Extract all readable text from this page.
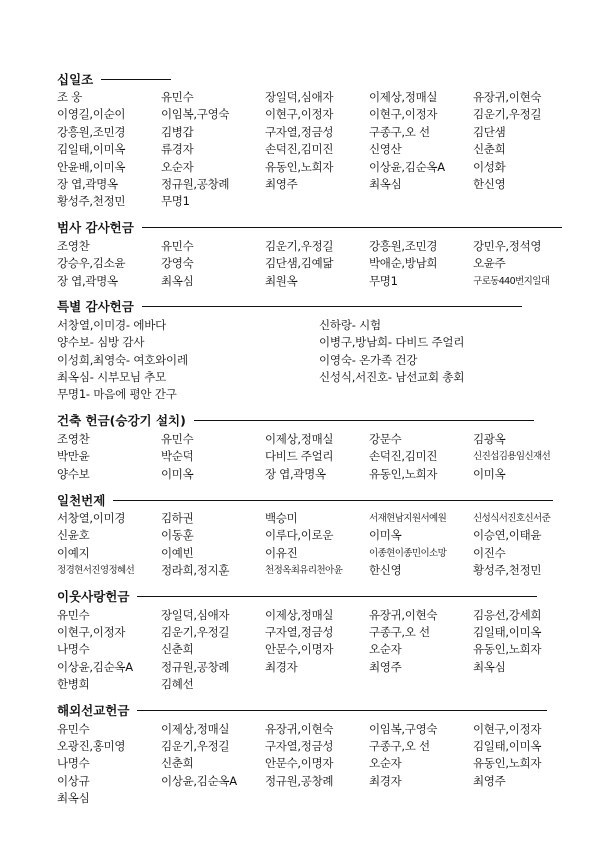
십일조
조 웅	유민수	장일덕,심애자	이제상,정매실	유장귀,이현숙
이영길,이순이	이임복,구영숙	이현구,이정자	이현구,이정자	김운기,우정길
강흥원,조민경	김병갑	구자열,정금성	구종구,오 선	김단샘
김일태,이미옥	류경자	손덕진,김미진	신영산	신춘희
안윤배,이미옥	오순자	유동인,노희자	이상윤,김순옥A	이성화
장 엽,곽명옥	정규원,공창례	최영주	최옥심	한신영
황성주,천정민	무명1
범사 감사헌금
조영찬	유민수	김운기,우정길	강흥원,조민경	강민우,정석영
강승우,김소윤	강영숙	김단샘,김예닮	박애순,방남희	오윤주
장 엽,곽명옥	최옥심	최원옥	무명1	구로동440번지일대
특별 감사헌금
서창열,이미경- 에바다	신하랑- 시험
양수보- 심방 감사	이병구,방남희- 다비드 주얼리
이성희,최영숙- 여호와이레	이영숙- 온가족 건강
최옥심- 시부모님 추모	신성식,서진호- 남선교회 총회
무명1- 마음에 평안 간구
건축 헌금(승강기 설치)
조영찬	유민수	이제상,정매실	강문수	김광옥
박만윤	박순덕	다비드 주얼리	손덕진,김미진	신진섭김용임신재선
양수보	이미옥	장 엽,곽명옥	유동인,노희자	이미옥
일천번제
서창열,이미경	김하권	백승미	서재현남지원서예원	신성식서진호신서준
신윤호	이동훈	이루다,이로운	이미옥	이승연,이태윤
이예지	이예빈	이유진	이종현이종민이소망	이진수
정경현서진영정혜선	정라희,정지훈	천정옥최유리천아윤	한신영	황성주,천정민
이웃사랑헌금
유민수	장일덕,심애자	이제상,정매실	유장귀,이현숙	김응선,강세희
이현구,이정자	김운기,우정길	구자열,정금성	구종구,오 선	김일태,이미옥
나명수	신춘희	안문수,이명자	오순자	유동인,노희자
이상윤,김순옥A	정규원,공창례	최경자	최영주	최옥심
한병희	김혜선
해외선교헌금
유민수	이제상,정매실	유장귀,이현숙	이임복,구영숙	이현구,이정자
오광진,홍미영	김운기,우정길	구자열,정금성	구종구,오 선	김일태,이미옥
나명수	신춘희	안문수,이명자	오순자	유동인,노희자
이상규	이상윤,김순옥A	정규원,공창례	최경자	최영주
최옥심
